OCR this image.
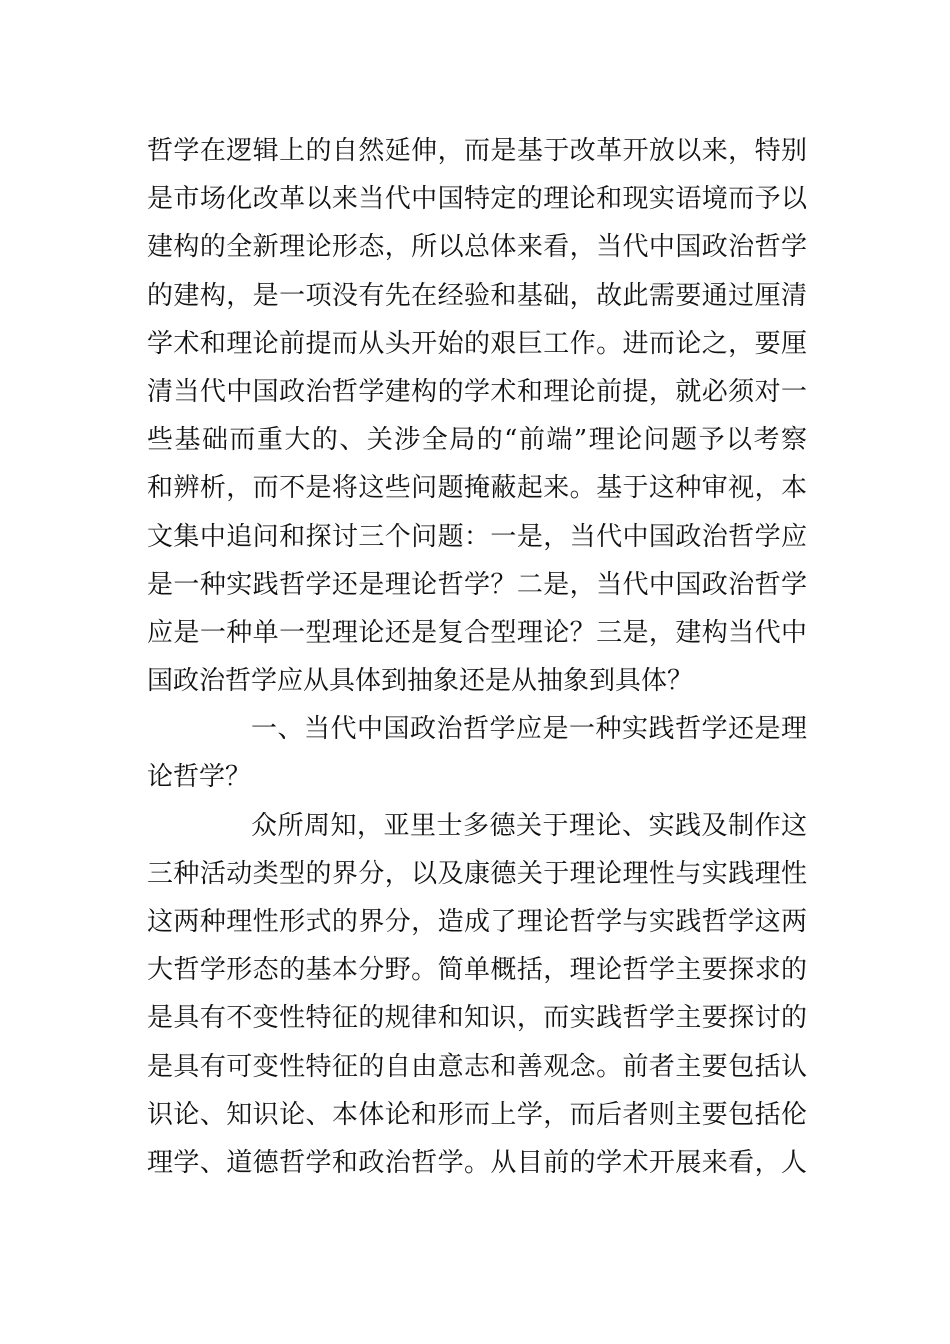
哲学在逻辑上的自然延伸，而是基于改革开放以来，特别
是市场化改革以来当代中国特定的理论和现实语境而予以
建构的全新理论形态，所以总体来看，当代中国政治哲学
的建构，是一项没有先在经验和基础，故此需要通过厘清
学术和理论前提而从头开始的艰巨工作。进而论之，要厘
清当代中国政治哲学建构的学术和理论前提，就必须对一
些基础而重大的、关涉全局的“前端”理论问题予以考察
和辨析，而不是将这些问题掩蔽起来。基于这种审视，本
文集中追问和探讨三个问题：一是，当代中国政治哲学应
是一种实践哲学还是理论哲学？二是，当代中国政治哲学
应是一种单一型理论还是复合型理论？三是，建构当代中
国政治哲学应从具体到抽象还是从抽象到具体？
一、当代中国政治哲学应是一种实践哲学还是理
论哲学？
众所周知，亚里士多德关于理论、实践及制作这
三种活动类型的界分，以及康德关于理论理性与实践理性
这两种理性形式的界分，造成了理论哲学与实践哲学这两
大哲学形态的基本分野。简单概括，理论哲学主要探求的
是具有不变性特征的规律和知识，而实践哲学主要探讨的
是具有可变性特征的自由意志和善观念。前者主要包括认
识论、知识论、本体论和形而上学，而后者则主要包括伦
理学、道德哲学和政治哲学。从目前的学术开展来看，人
